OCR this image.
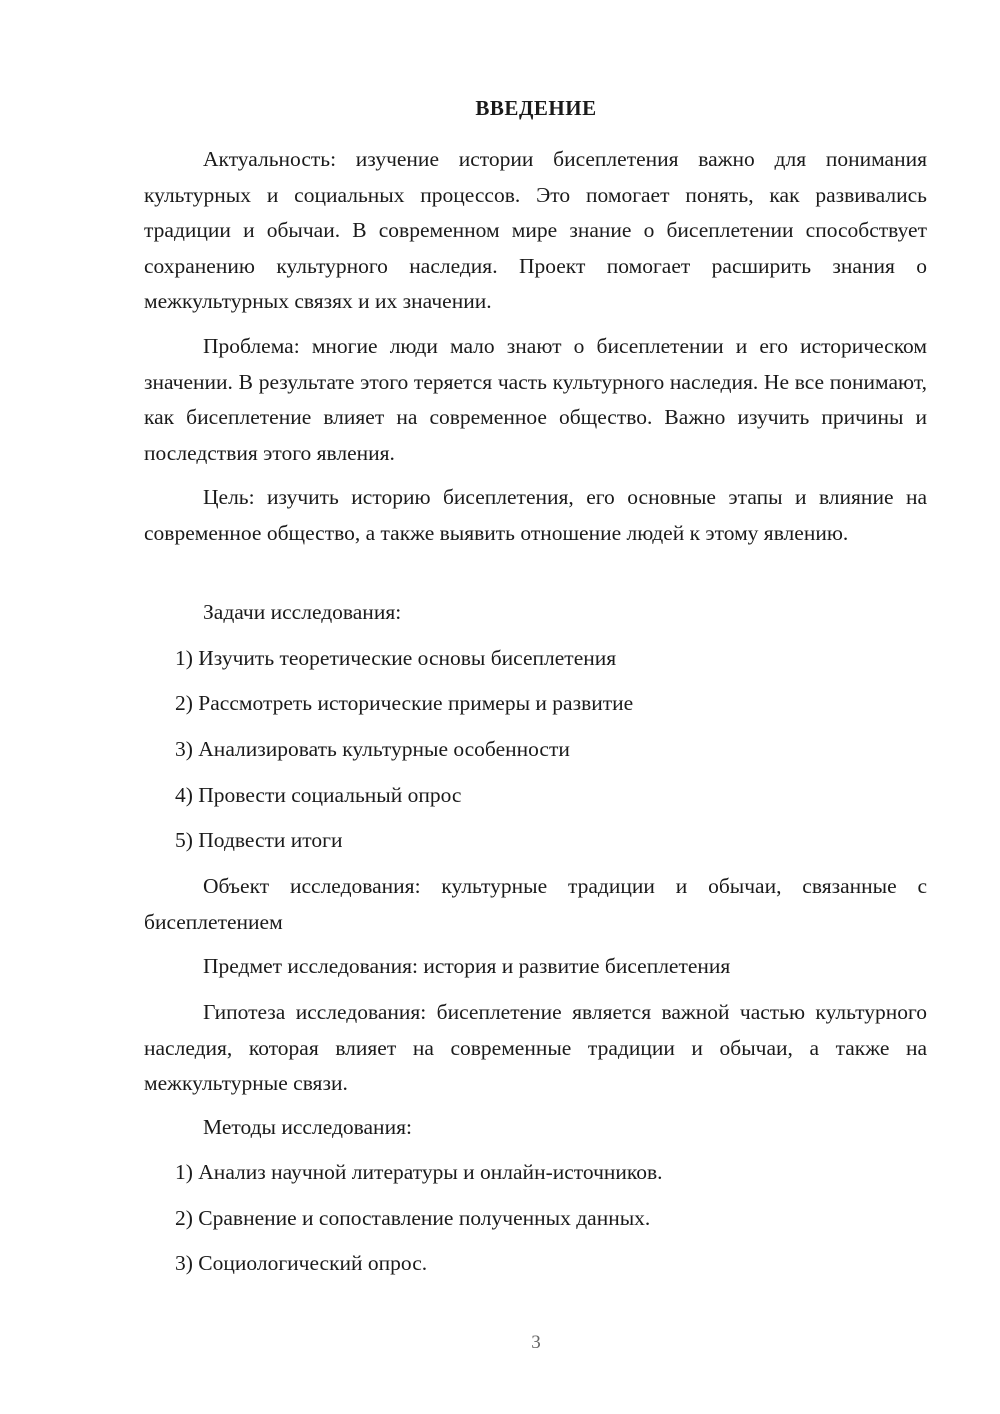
ВВЕДЕНИЕ

Актуальность: изучение истории бисеплетения важно для понимания культурных и социальных процессов. Это помогает понять, как развивались традиции и обычаи. В современном мире знание о бисеплетении способствует сохранению культурного наследия. Проект помогает расширить знания о межкультурных связях и их значении.

Проблема: многие люди мало знают о бисеплетении и его историческом значении. В результате этого теряется часть культурного наследия. Не все понимают, как бисеплетение влияет на современное общество. Важно изучить причины и последствия этого явления.

Цель: изучить историю бисеплетения, его основные этапы и влияние на современное общество, а также выявить отношение людей к этому явлению.

Задачи исследования:
1) Изучить теоретические основы бисеплетения
2) Рассмотреть исторические примеры и развитие
3) Анализировать культурные особенности
4) Провести социальный опрос
5) Подвести итоги

Объект исследования: культурные традиции и обычаи, связанные с бисеплетением

Предмет исследования: история и развитие бисеплетения

Гипотеза исследования: бисеплетение является важной частью культурного наследия, которая влияет на современные традиции и обычаи, а также на межкультурные связи.

Методы исследования:
1) Анализ научной литературы и онлайн-источников.
2) Сравнение и сопоставление полученных данных.
3) Социологический опрос.
3
